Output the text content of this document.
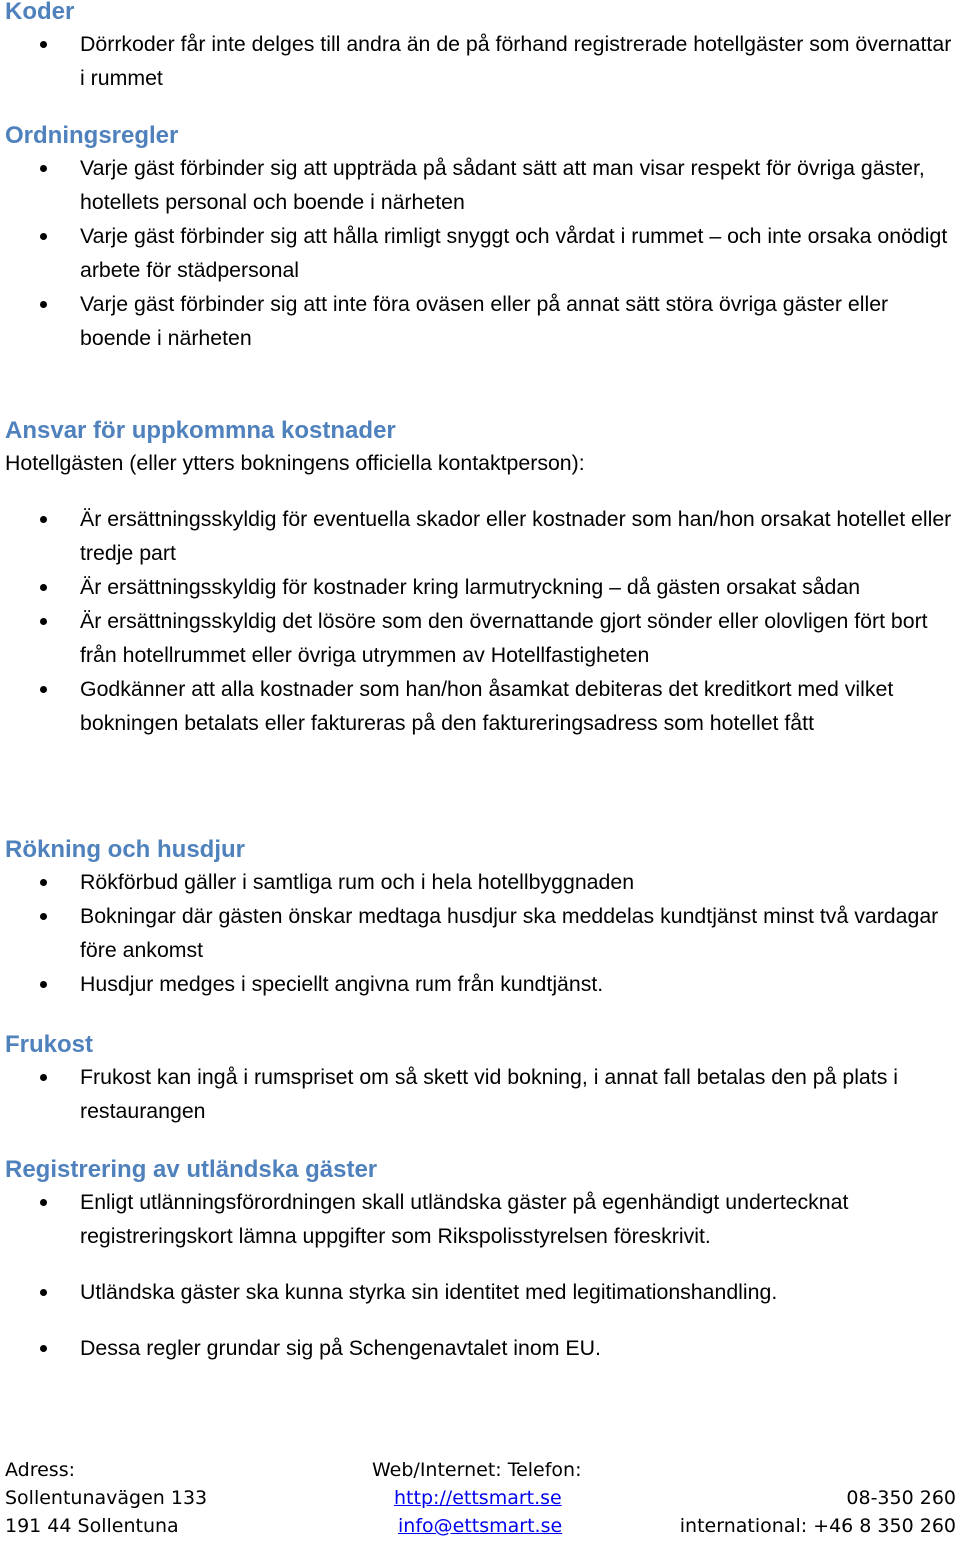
Koder
Dörrkoder får inte delges till andra än de på förhand registrerade hotellgäster som övernattar i rummet
Ordningsregler
Varje gäst förbinder sig att uppträda på sådant sätt att man visar respekt för övriga gäster, hotellets personal och boende i närheten
Varje gäst förbinder sig att hålla rimligt snyggt och vårdat i rummet – och inte orsaka onödigt arbete för städpersonal
Varje gäst förbinder sig att inte föra oväsen eller på annat sätt störa övriga gäster eller boende i närheten
Ansvar för uppkommna kostnader

Hotellgästen (eller ytters bokningens officiella kontaktperson):

Är ersättningsskyldig för eventuella skador eller kostnader som han/hon orsakat hotellet eller tredje part
Är ersättningsskyldig för kostnader kring larmutryckning – då gästen orsakat sådan
Är ersättningsskyldig det lösöre som den övernattande gjort sönder eller olovligen fört bort från hotellrummet eller övriga utrymmen av Hotellfastigheten
Godkänner att alla kostnader som han/hon åsamkat debiteras det kreditkort med vilket bokningen betalats eller faktureras på den faktureringsadress som hotellet fått
Rökning och husdjur
Rökförbud gäller i samtliga rum och i hela hotellbyggnaden
Bokningar där gästen önskar medtaga husdjur ska meddelas kundtjänst minst två vardagar före ankomst
Husdjur medges i speciellt angivna rum från kundtjänst.
Frukost
Frukost kan ingå i rumspriset om så skett vid bokning, i annat fall betalas den på plats i restaurangen
Registrering av utländska gäster
Enligt utlänningsförordningen skall utländska gäster på egenhändigt undertecknat registreringskort lämna uppgifter som Rikspolisstyrelsen föreskrivit.
Utländska gäster ska kunna styrka sin identitet med legitimationshandling.
Dessa regler grundar sig på Schengenavtalet inom EU.
Adress:
Sollentunavägen 133
191 44 Sollentuna
Web/Internet: Telefon:
http://ettsmart.se
info@ettsmart.se

08-350 260
international: +46 8 350 260
